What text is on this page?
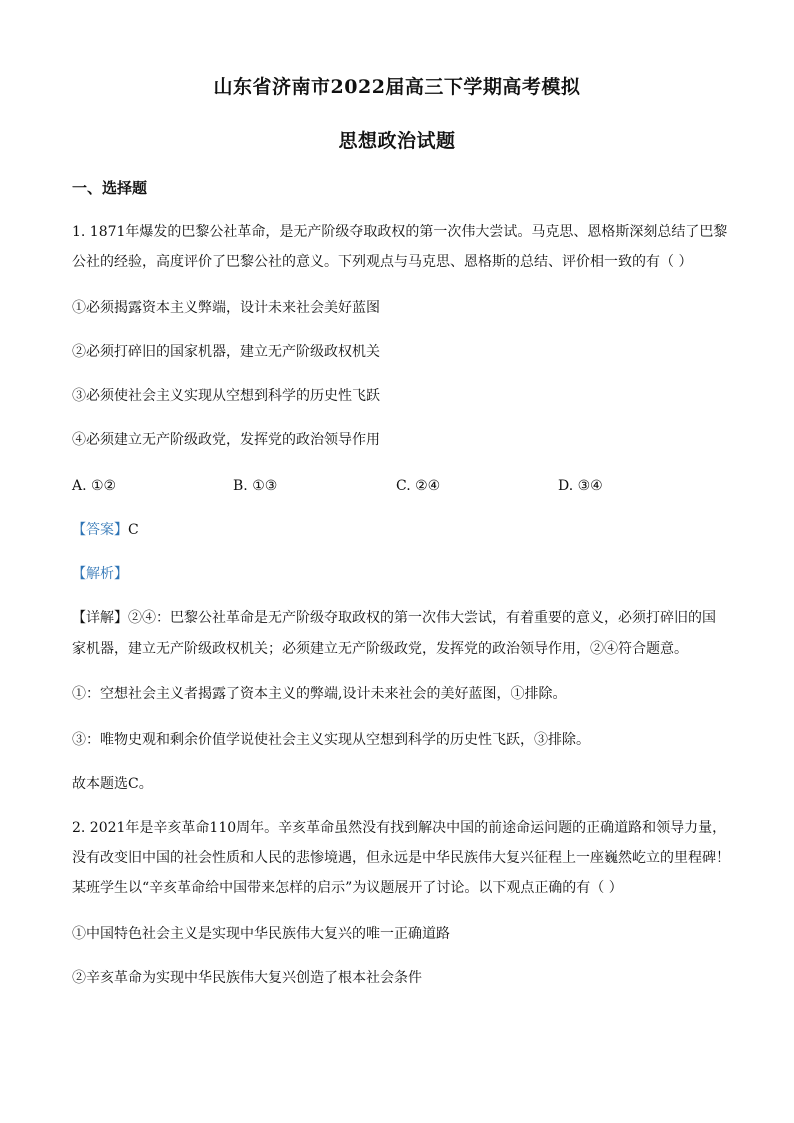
山东省济南市2022届高三下学期高考模拟
思想政治试题
一、选择题
1. 1871年爆发的巴黎公社革命，是无产阶级夺取政权的第一次伟大尝试。马克思、恩格斯深刻总结了巴黎
公社的经验，高度评价了巴黎公社的意义。下列观点与马克思、恩格斯的总结、评价相一致的有（ ）
①必须揭露资本主义弊端，设计未来社会美好蓝图
②必须打碎旧的国家机器，建立无产阶级政权机关
③必须使社会主义实现从空想到科学的历史性飞跃
④必须建立无产阶级政党，发挥党的政治领导作用
A. ①②	B. ①③	C. ②④	D. ③④
【答案】C
【解析】
【详解】②④：巴黎公社革命是无产阶级夺取政权的第一次伟大尝试，有着重要的意义，必须打碎旧的国
家机器，建立无产阶级政权机关；必须建立无产阶级政党，发挥党的政治领导作用，②④符合题意。
①：空想社会主义者揭露了资本主义的弊端,设计未来社会的美好蓝图，①排除。
③：唯物史观和剩余价值学说使社会主义实现从空想到科学的历史性飞跃，③排除。
故本题选C。
2. 2021年是辛亥革命110周年。辛亥革命虽然没有找到解决中国的前途命运问题的正确道路和领导力量，
没有改变旧中国的社会性质和人民的悲惨境遇，但永远是中华民族伟大复兴征程上一座巍然屹立的里程碑！
某班学生以“辛亥革命给中国带来怎样的启示”为议题展开了讨论。以下观点正确的有（ ）
①中国特色社会主义是实现中华民族伟大复兴的唯一正确道路
②辛亥革命为实现中华民族伟大复兴创造了根本社会条件
